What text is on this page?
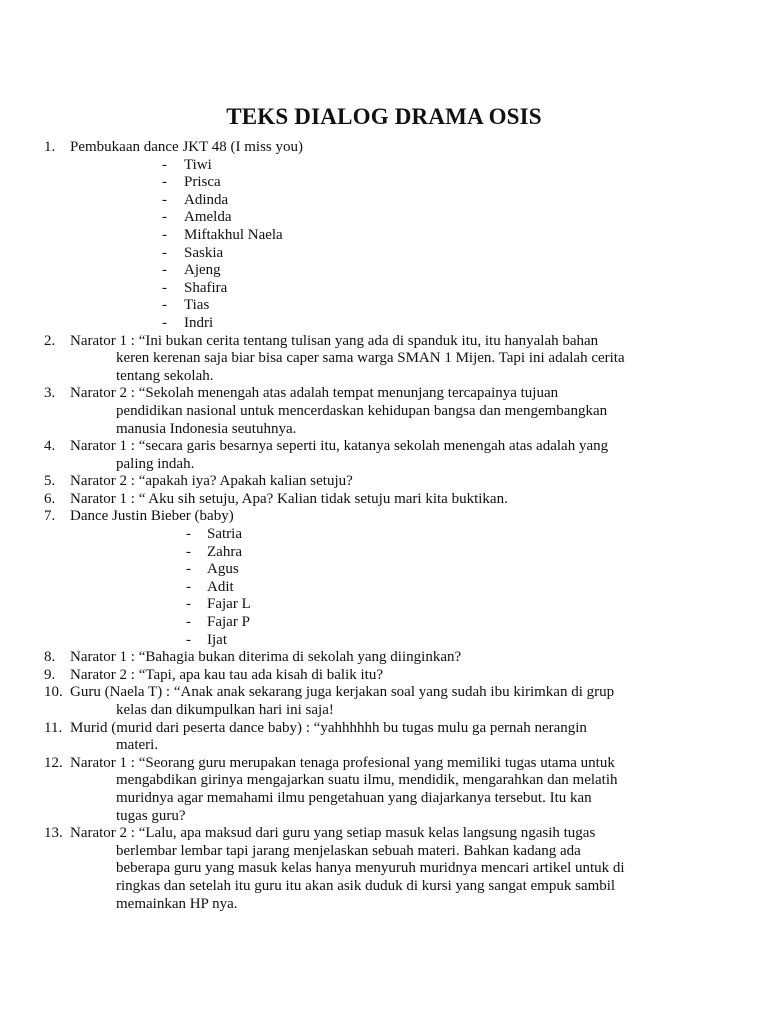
TEKS DIALOG DRAMA OSIS
1. Pembukaan dance JKT 48 (I miss you)
- Tiwi
- Prisca
- Adinda
- Amelda
- Miftakhul Naela
- Saskia
- Ajeng
- Shafira
- Tias
- Indri
2. Narator 1 : “Ini bukan cerita tentang tulisan yang ada di spanduk itu, itu hanyalah bahan
keren kerenan saja biar bisa caper sama warga SMAN 1 Mijen. Tapi ini adalah cerita
tentang sekolah.
3. Narator 2 : “Sekolah menengah atas adalah tempat menunjang tercapainya tujuan
pendidikan nasional untuk mencerdaskan kehidupan bangsa dan mengembangkan
manusia Indonesia seutuhnya.
4. Narator 1 : “secara garis besarnya seperti itu, katanya sekolah menengah atas adalah yang
paling indah.
5. Narator 2 : “apakah iya? Apakah kalian setuju?
6. Narator 1 : “ Aku sih setuju, Apa? Kalian tidak setuju mari kita buktikan.
7. Dance Justin Bieber (baby)
- Satria
- Zahra
- Agus
- Adit
- Fajar L
- Fajar P
- Ijat
8. Narator 1 : “Bahagia bukan diterima di sekolah yang diinginkan?
9. Narator 2 : “Tapi, apa kau tau ada kisah di balik itu?
10. Guru (Naela T) : “Anak anak sekarang juga kerjakan soal yang sudah ibu kirimkan di grup
kelas dan dikumpulkan hari ini saja!
11. Murid (murid dari peserta dance baby) : “yahhhhhh bu tugas mulu ga pernah nerangin
materi.
12. Narator 1 : “Seorang guru merupakan tenaga profesional yang memiliki tugas utama untuk
mengabdikan girinya mengajarkan suatu ilmu, mendidik, mengarahkan dan melatih
muridnya agar memahami ilmu pengetahuan yang diajarkanya tersebut. Itu kan
tugas guru?
13. Narator 2 : “Lalu, apa maksud dari guru yang setiap masuk kelas langsung ngasih tugas
berlembar lembar tapi jarang menjelaskan sebuah materi. Bahkan kadang ada
beberapa guru yang masuk kelas hanya menyuruh muridnya mencari artikel untuk di
ringkas dan setelah itu guru itu akan asik duduk di kursi yang sangat empuk sambil
memainkan HP nya.
